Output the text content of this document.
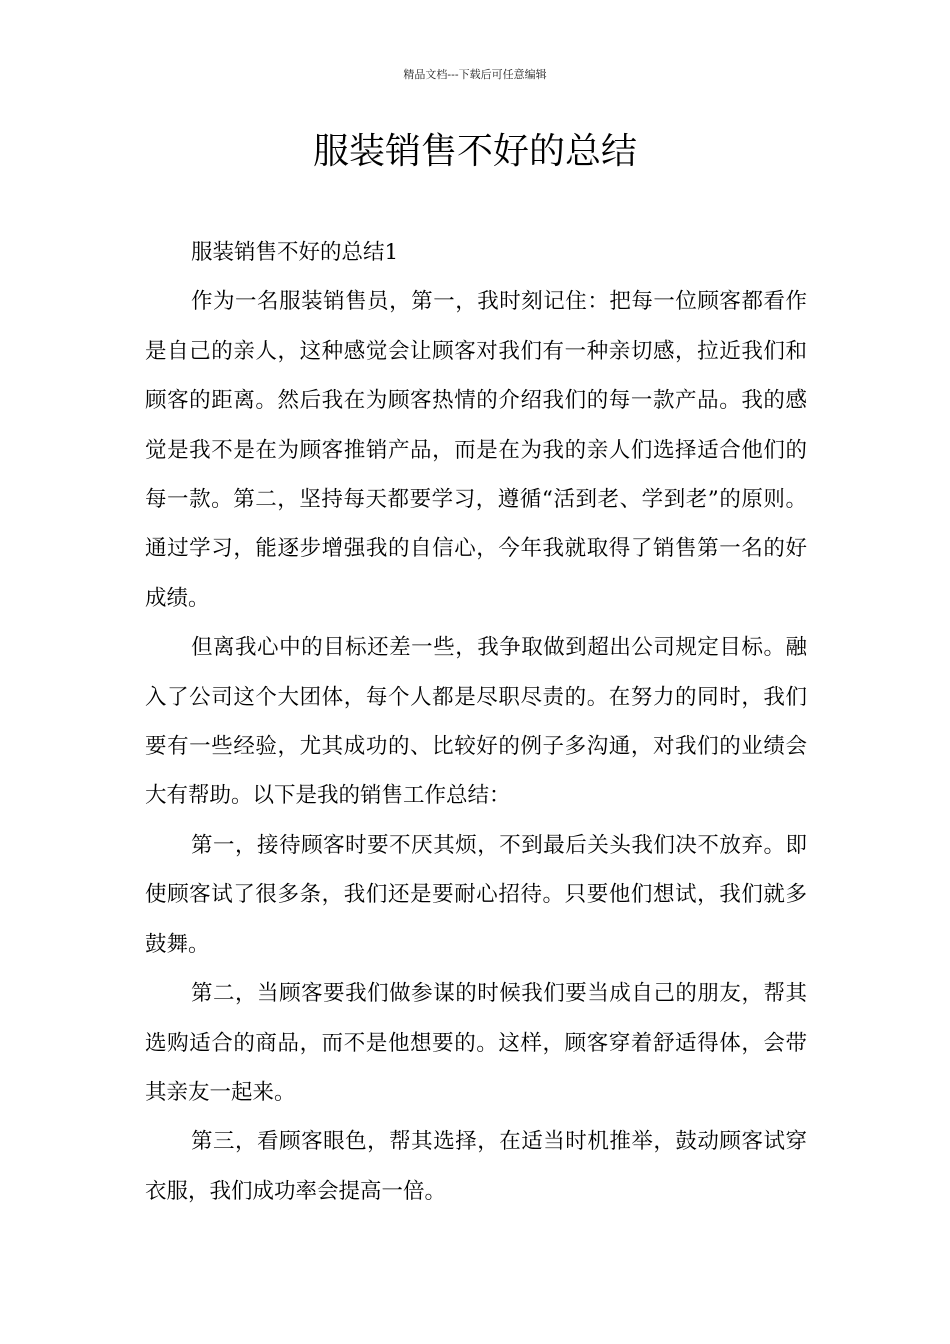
精品文档---下载后可任意编辑
服装销售不好的总结

服装销售不好的总结1

作为一名服装销售员，第一，我时刻记住：把每一位顾客都看作是自己的亲人，这种感觉会让顾客对我们有一种亲切感，拉近我们和顾客的距离。然后我在为顾客热情的介绍我们的每一款产品。我的感觉是我不是在为顾客推销产品，而是在为我的亲人们选择适合他们的每一款。第二，坚持每天都要学习，遵循“活到老、学到老”的原则。通过学习，能逐步增强我的自信心，今年我就取得了销售第一名的好成绩。

但离我心中的目标还差一些，我争取做到超出公司规定目标。融入了公司这个大团体，每个人都是尽职尽责的。在努力的同时，我们要有一些经验，尤其成功的、比较好的例子多沟通，对我们的业绩会大有帮助。以下是我的销售工作总结：

第一，接待顾客时要不厌其烦，不到最后关头我们决不放弃。即使顾客试了很多条，我们还是要耐心招待。只要他们想试，我们就多鼓舞。

第二，当顾客要我们做参谋的时候我们要当成自己的朋友，帮其选购适合的商品，而不是他想要的。这样，顾客穿着舒适得体，会带其亲友一起来。

第三，看顾客眼色，帮其选择，在适当时机推举，鼓动顾客试穿衣服，我们成功率会提高一倍。
